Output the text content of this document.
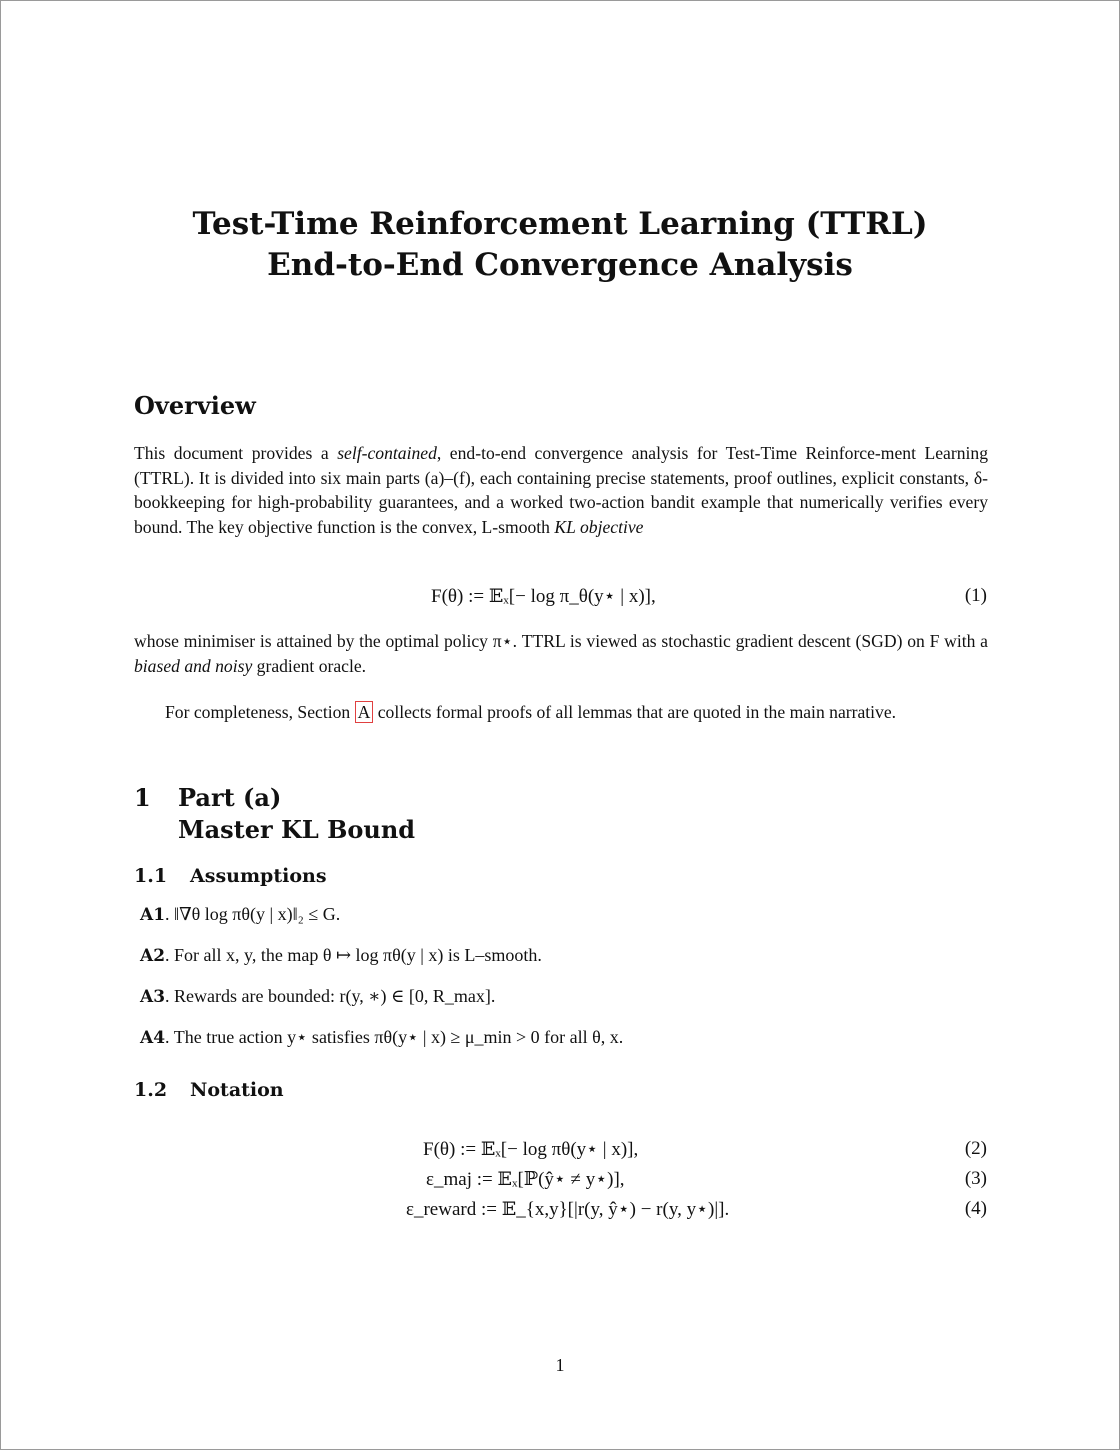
Test-Time Reinforcement Learning (TTRL)
End-to-End Convergence Analysis
Overview
This document provides a self-contained, end-to-end convergence analysis for Test-Time Reinforce-ment Learning (TTRL). It is divided into six main parts (a)–(f), each containing precise statements, proof outlines, explicit constants, δ-bookkeeping for high-probability guarantees, and a worked two-action bandit example that numerically verifies every bound. The key objective function is the convex, L-smooth KL objective
F(θ) := 𝔼ₓ[− log π_θ(y⋆ | x)],	(1)
whose minimiser is attained by the optimal policy π⋆. TTRL is viewed as stochastic gradient descent (SGD) on F with a biased and noisy gradient oracle.
For completeness, Section A collects formal proofs of all lemmas that are quoted in the main narrative.
1 Part (a)
Master KL Bound
1.1 Assumptions
A1. ‖∇θ log πθ(y | x)‖₂ ≤ G.
A2. For all x, y, the map θ ↦ log πθ(y | x) is L–smooth.
A3. Rewards are bounded: r(y, ∗) ∈ [0, R_max].
A4. The true action y⋆ satisfies πθ(y⋆ | x) ≥ μ_min > 0 for all θ, x.
1.2 Notation
F(θ) := 𝔼ₓ[− log πθ(y⋆ | x)],	(2)
ε_maj := 𝔼ₓ[ℙ(ŷ⋆ ≠ y⋆)],	(3)
ε_reward := 𝔼_{x,y}[|r(y, ŷ⋆) − r(y, y⋆)|].	(4)
1
